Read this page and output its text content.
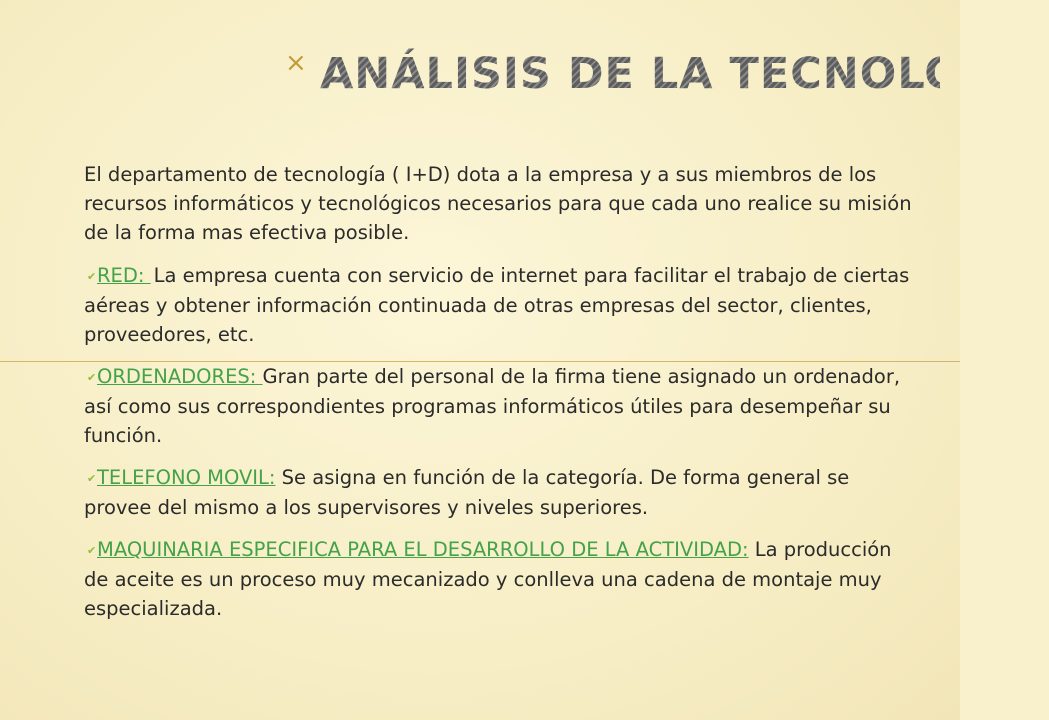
× ANÁLISIS DE LA TECNOLOGÍA

El departamento de tecnología ( I+D) dota a la empresa y a sus miembros de los recursos informáticos y tecnológicos necesarios para que cada uno realice su misión de la forma mas efectiva posible.

✔RED: La empresa cuenta con servicio de internet para facilitar el trabajo de ciertas aéreas y obtener información continuada de otras empresas del sector, clientes, proveedores, etc.

✔ORDENADORES: Gran parte del personal de la firma tiene asignado un ordenador, así como sus correspondientes programas informáticos útiles para desempeñar su función.

✔TELEFONO MOVIL: Se asigna en función de la categoría. De forma general se provee del mismo a los supervisores y niveles superiores.

✔MAQUINARIA ESPECIFICA PARA EL DESARROLLO DE LA ACTIVIDAD: La producción de aceite es un proceso muy mecanizado y conlleva una cadena de montaje muy especializada.
